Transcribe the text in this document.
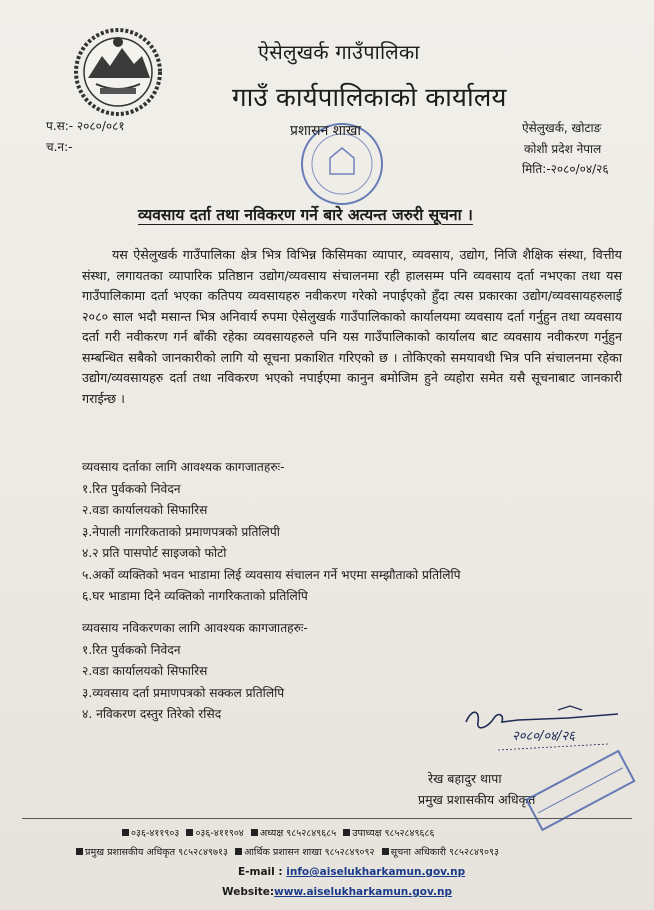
ऐसेलुखर्क गाउँपालिका
गाउँ कार्यपालिकाको कार्यालय
प.स:- २०८०/०८१
च.न:-
प्रशासन शाखा	ऐसेलुखर्क, खोटाङ
कोशी प्रदेश नेपाल
मिति:-२०८०/०४/२६
व्यवसाय दर्ता तथा नविकरण गर्ने बारे अत्यन्त जरुरी सूचना ।
यस ऐसेलुखर्क गाउँपालिका क्षेत्र भित्र विभिन्न किसिमका व्यापार, व्यवसाय, उद्योग, निजि शैक्षिक संस्था, वित्तीय संस्था, लगायतका व्यापारिक प्रतिष्ठान उद्योग/व्यवसाय संचालनमा रही हालसम्म पनि व्यवसाय दर्ता नभएका तथा यस गाउँपालिकामा दर्ता भएका कतिपय व्यवसायहरु नवीकरण गरेको नपाईएको हुँदा त्यस प्रकारका उद्योग/व्यवसायहरुलाई २०८० साल भदौ मसान्त भित्र अनिवार्य रुपमा ऐसेलुखर्क गाउँपालिकाको कार्यालयमा व्यवसाय दर्ता गर्नुहुन तथा व्यवसाय दर्ता गरी नवीकरण गर्न बाँकी रहेका व्यवसायहरुले पनि यस गाउँपालिकाको कार्यालय बाट व्यवसाय नवीकरण गर्नुहुन सम्बन्धित सबैको जानकारीको लागि यो सूचना प्रकाशित गरिएको छ । तोकिएको समयावधी भित्र पनि संचालनमा रहेका उद्योग/व्यवसायहरु दर्ता तथा नविकरण भएको नपाईएमा कानुन बमोजिम हुने व्यहोरा समेत यसै सूचनाबाट जानकारी गराईन्छ ।
व्यवसाय दर्ताका लागि आवश्यक कागजातहरुः-
१.रित पुर्वकको निवेदन
२.वडा कार्यालयको सिफारिस
३.नेपाली नागरिकताको प्रमाणपत्रको प्रतिलिपी
४.२ प्रति पासपोर्ट साइजको फोटो
५.अर्को व्यक्तिको भवन भाडामा लिई व्यवसाय संचालन गर्ने भएमा सम्झौताको प्रतिलिपि
६.घर भाडामा दिने व्यक्तिको नागरिकताको प्रतिलिपि
व्यवसाय नविकरणका लागि आवश्यक कागजातहरुः-
१.रित पुर्वकको निवेदन
२.वडा कार्यालयको सिफारिस
३.व्यवसाय दर्ता प्रमाणपत्रको सक्कल प्रतिलिपि
४. नविकरण दस्तुर तिरेको रसिद
२०८०/०४/२६
रेख बहादुर थापा
प्रमुख प्रशासकीय अधिकृत
०३६-४११९०३ ०३६-४११९०४ अध्यक्ष ९८५२८४९६८५ उपाध्यक्ष ९८५२८४९६८६
प्रमुख प्रशासकीय अधिकृत ९८५२८४९७१३ आर्थिक प्रशासन शाखा ९८५२८४९०९२ सूचना अधिकारी ९८५२८४९०९३
E-mail : info@aiselukharkamun.gov.np
Website:www.aiselukharkamun.gov.np
